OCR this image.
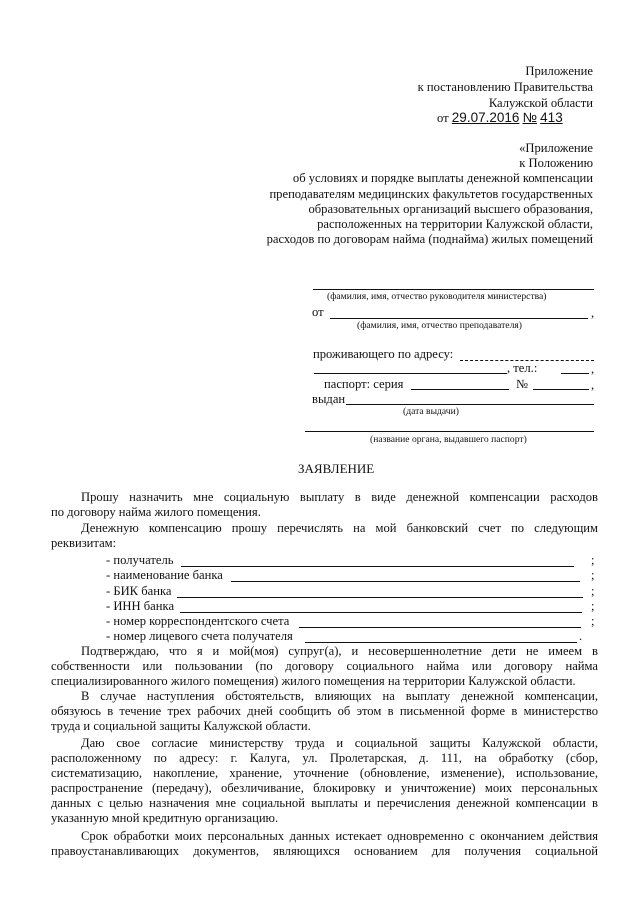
Приложение
к постановлению Правительства
Калужской области
от 29.07.2016 № 413
«Приложение
к Положению
об условиях и порядке выплаты денежной компенсации
преподавателям медицинских факультетов государственных
образовательных организаций высшего образования,
расположенных на территории Калужской области,
расходов по договорам найма (поднайма) жилых помещений
(фамилия, имя, отчество руководителя министерства)
от	,
(фамилия, имя, отчество преподавателя)
проживающего по адресу:
, тел.:	,
паспорт: серия	№	,
выдан
(дата выдачи)
(название органа, выдавшего паспорт)
ЗАЯВЛЕНИЕ
Прошу назначить мне социальную выплату в виде денежной компенсации расходов
по договору найма жилого помещения.
Денежную компенсацию прошу перечислять на мой банковский счет по следующим
реквизитам:
- получатель	;
- наименование банка	;
- БИК банка	;
- ИНН банка	;
- номер корреспондентского счета	;
- номер лицевого счета получателя	.
Подтверждаю, что я и мой(моя) супруг(а), и несовершеннолетние дети не имеем в
собственности или пользовании (по договору социального найма или договору найма
специализированного жилого помещения) жилого помещения на территории Калужской области.
В случае наступления обстоятельств, влияющих на выплату денежной компенсации,
обязуюсь в течение трех рабочих дней сообщить об этом в письменной форме в министерство
труда и социальной защиты Калужской области.
Даю свое согласие министерству труда и социальной защиты Калужской области,
расположенному по адресу: г. Калуга, ул. Пролетарская, д. 111, на обработку (сбор,
систематизацию, накопление, хранение, уточнение (обновление, изменение), использование,
распространение (передачу), обезличивание, блокировку и уничтожение) моих персональных
данных с целью назначения мне социальной выплаты и перечисления денежной компенсации в
указанную мной кредитную организацию.
Срок обработки моих персональных данных истекает одновременно с окончанием действия
правоустанавливающих документов, являющихся основанием для получения социальной
